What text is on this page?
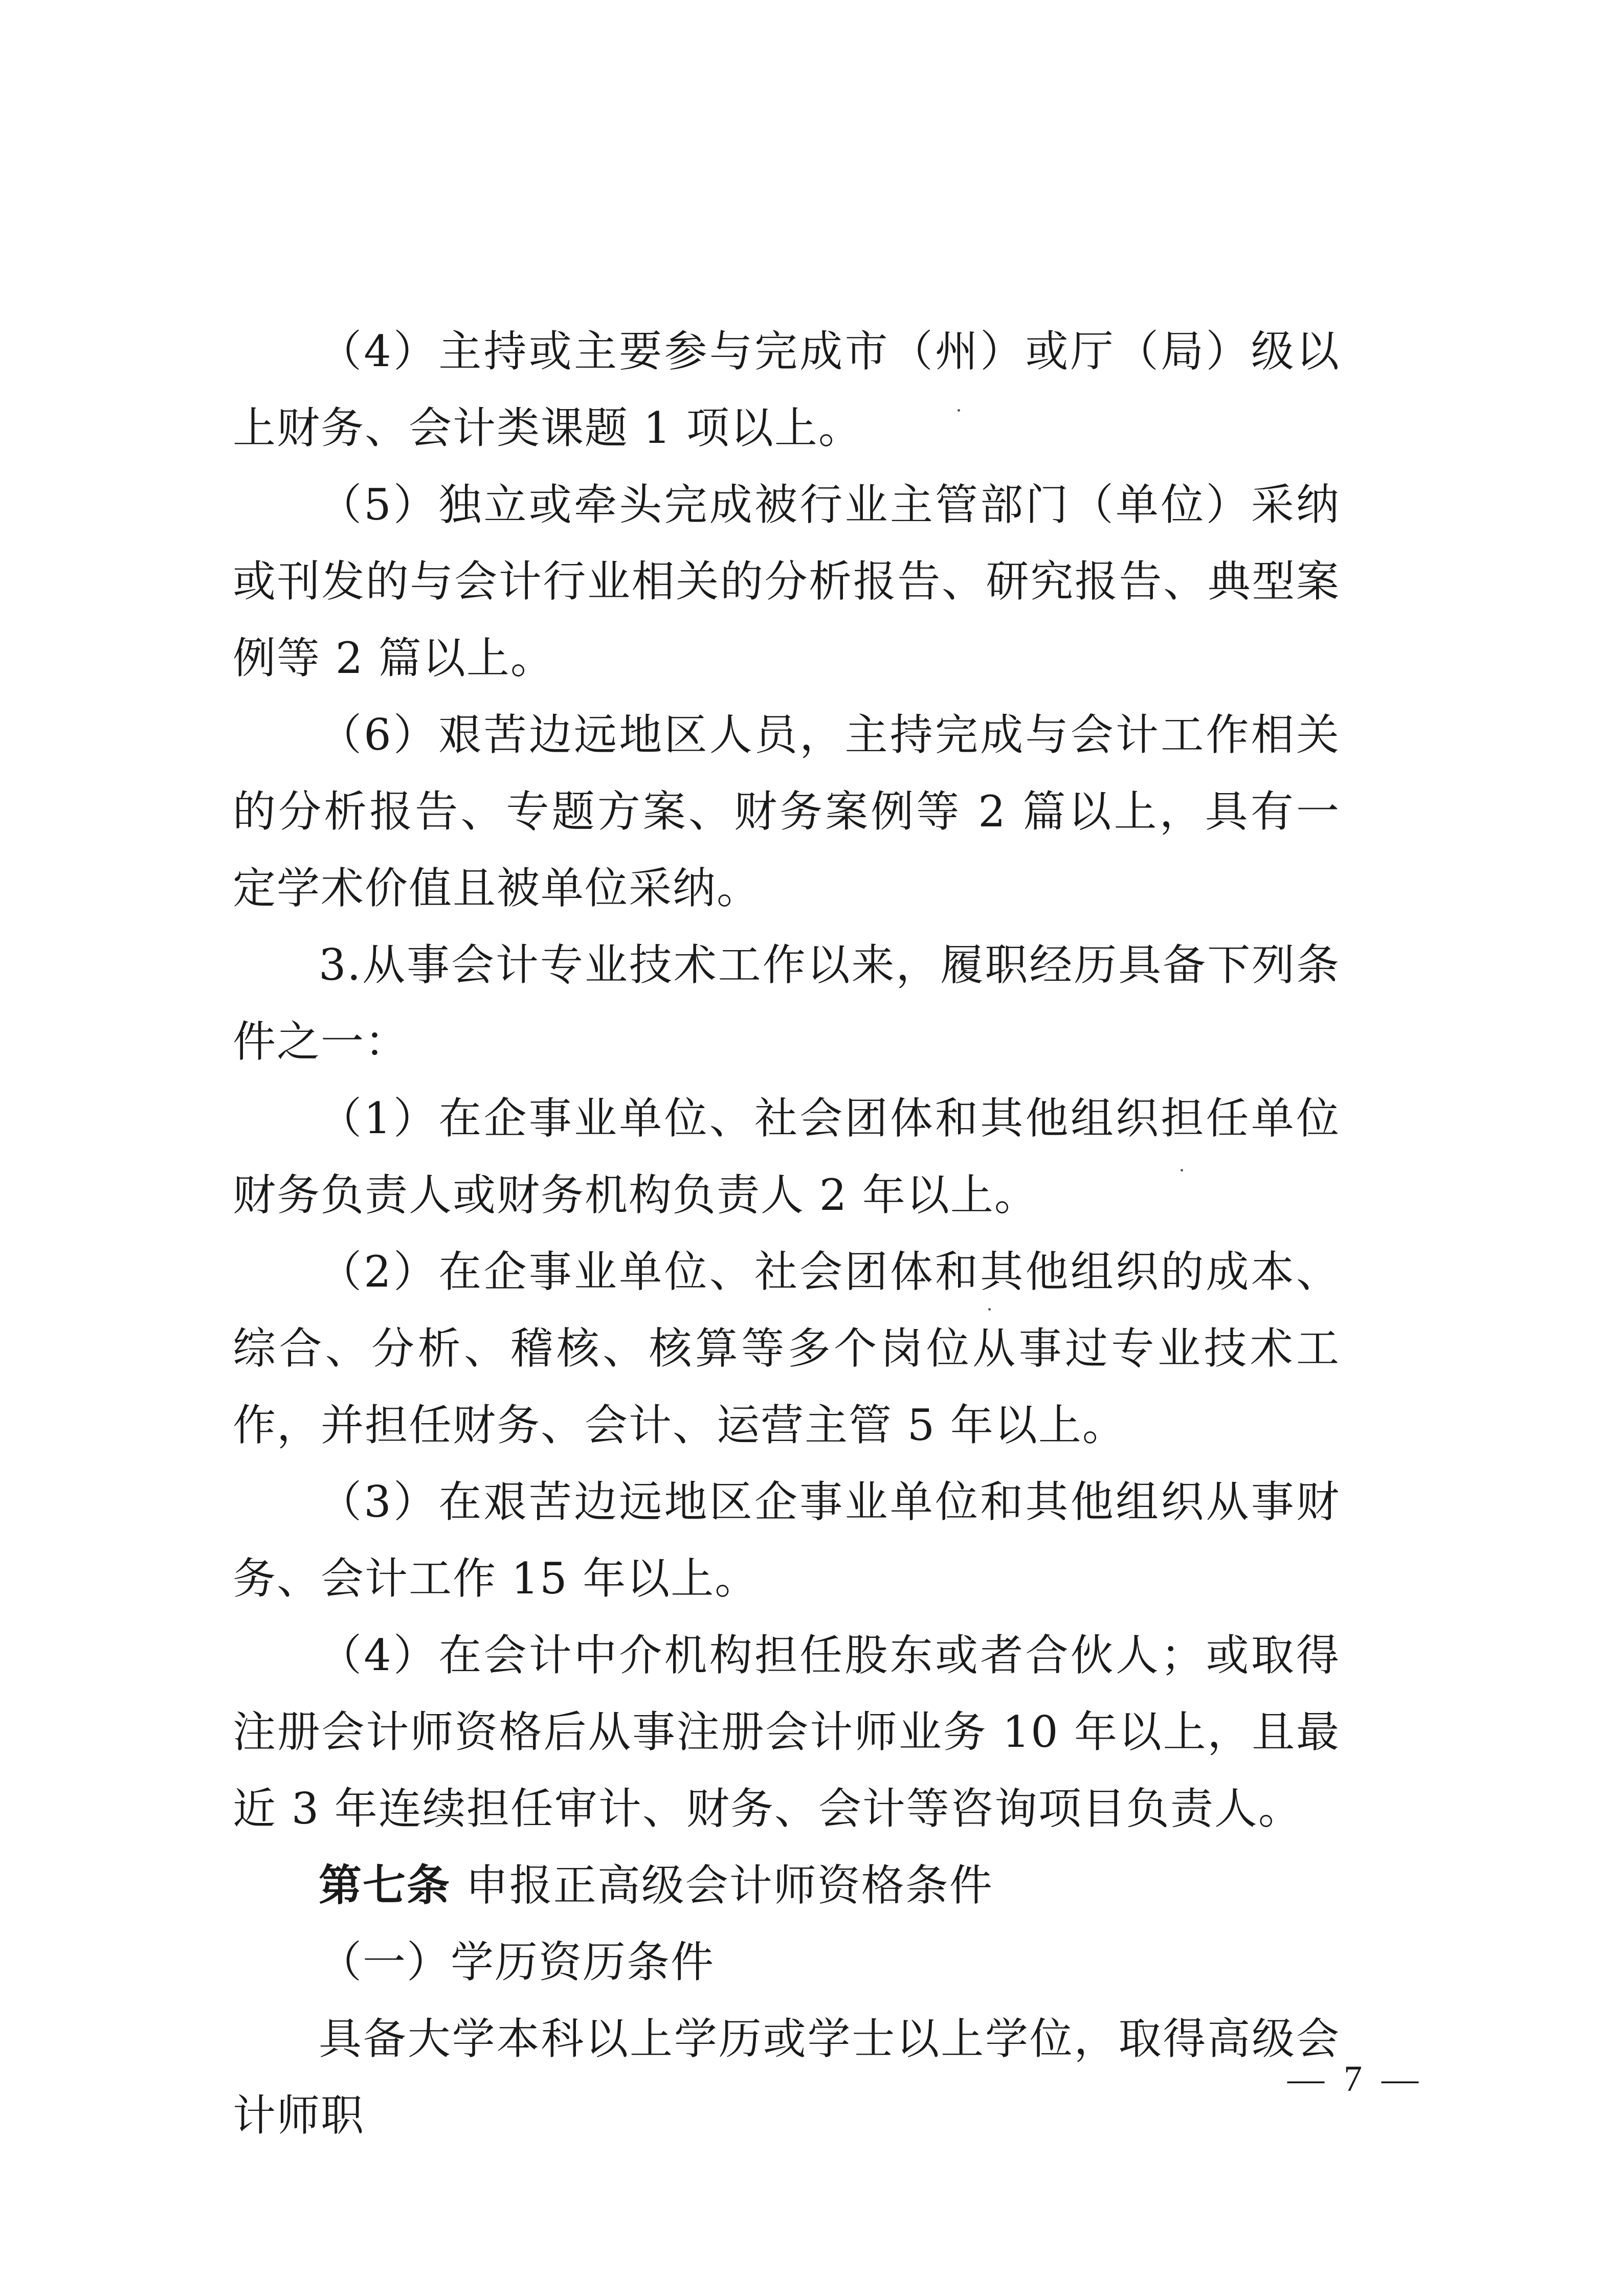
（4）主持或主要参与完成市（州）或厅（局）级以上财务、会计类课题 1 项以上。

（5）独立或牵头完成被行业主管部门（单位）采纳或刊发的与会计行业相关的分析报告、研究报告、典型案例等 2 篇以上。

（6）艰苦边远地区人员，主持完成与会计工作相关的分析报告、专题方案、财务案例等 2 篇以上，具有一定学术价值且被单位采纳。

3.从事会计专业技术工作以来，履职经历具备下列条件之一：

（1）在企事业单位、社会团体和其他组织担任单位财务负责人或财务机构负责人 2 年以上。

（2）在企事业单位、社会团体和其他组织的成本、综合、分析、稽核、核算等多个岗位从事过专业技术工作，并担任财务、会计、运营主管 5 年以上。

（3）在艰苦边远地区企事业单位和其他组织从事财务、会计工作 15 年以上。

（4）在会计中介机构担任股东或者合伙人；或取得注册会计师资格后从事注册会计师业务 10 年以上，且最近 3 年连续担任审计、财务、会计等咨询项目负责人。

第七条 申报正高级会计师资格条件

（一）学历资历条件

具备大学本科以上学历或学士以上学位，取得高级会计师职

— 7 —
